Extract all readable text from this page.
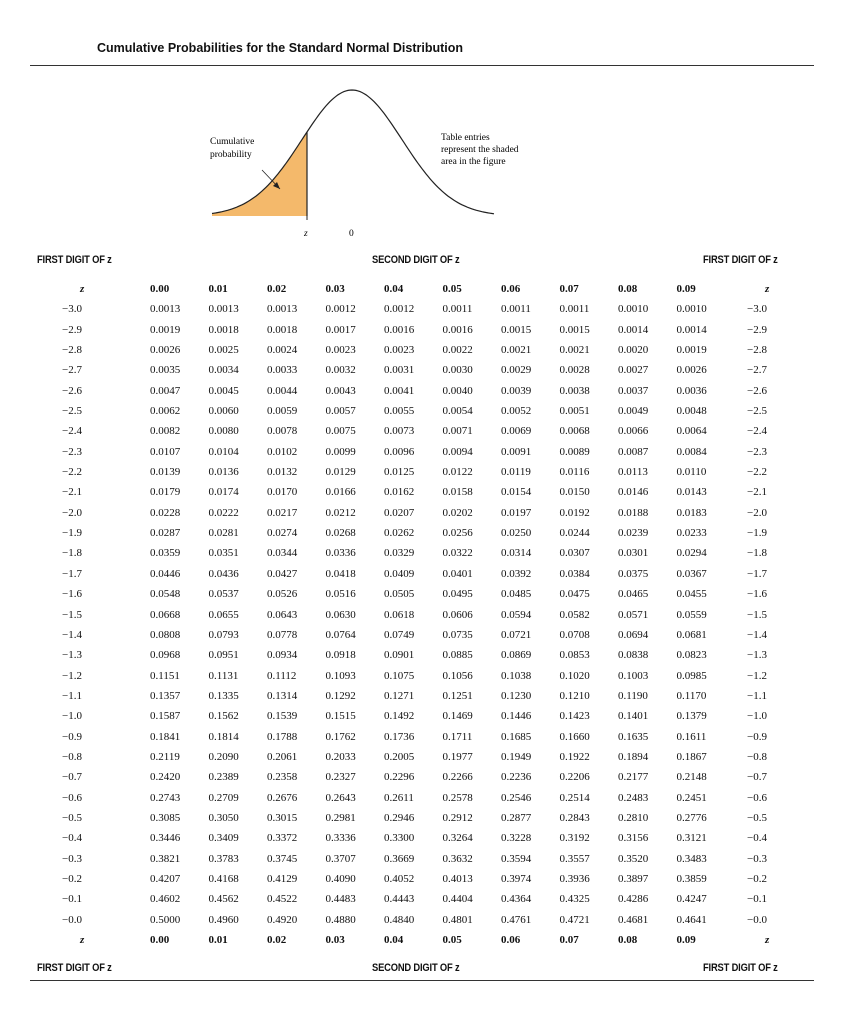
Cumulative Probabilities for the Standard Normal Distribution
Cumulative
probability
Table entries
represent the shaded
area in the figure
z	0
FIRST DIGIT OF z	SECOND DIGIT OF z	FIRST DIGIT OF z
z	0.00	0.01	0.02	0.03	0.04	0.05	0.06	0.07	0.08	0.09	z
−3.0	0.0013	0.0013	0.0013	0.0012	0.0012	0.0011	0.0011	0.0011	0.0010	0.0010	−3.0
−2.9	0.0019	0.0018	0.0018	0.0017	0.0016	0.0016	0.0015	0.0015	0.0014	0.0014	−2.9
−2.8	0.0026	0.0025	0.0024	0.0023	0.0023	0.0022	0.0021	0.0021	0.0020	0.0019	−2.8
−2.7	0.0035	0.0034	0.0033	0.0032	0.0031	0.0030	0.0029	0.0028	0.0027	0.0026	−2.7
−2.6	0.0047	0.0045	0.0044	0.0043	0.0041	0.0040	0.0039	0.0038	0.0037	0.0036	−2.6
−2.5	0.0062	0.0060	0.0059	0.0057	0.0055	0.0054	0.0052	0.0051	0.0049	0.0048	−2.5
−2.4	0.0082	0.0080	0.0078	0.0075	0.0073	0.0071	0.0069	0.0068	0.0066	0.0064	−2.4
−2.3	0.0107	0.0104	0.0102	0.0099	0.0096	0.0094	0.0091	0.0089	0.0087	0.0084	−2.3
−2.2	0.0139	0.0136	0.0132	0.0129	0.0125	0.0122	0.0119	0.0116	0.0113	0.0110	−2.2
−2.1	0.0179	0.0174	0.0170	0.0166	0.0162	0.0158	0.0154	0.0150	0.0146	0.0143	−2.1
−2.0	0.0228	0.0222	0.0217	0.0212	0.0207	0.0202	0.0197	0.0192	0.0188	0.0183	−2.0
−1.9	0.0287	0.0281	0.0274	0.0268	0.0262	0.0256	0.0250	0.0244	0.0239	0.0233	−1.9
−1.8	0.0359	0.0351	0.0344	0.0336	0.0329	0.0322	0.0314	0.0307	0.0301	0.0294	−1.8
−1.7	0.0446	0.0436	0.0427	0.0418	0.0409	0.0401	0.0392	0.0384	0.0375	0.0367	−1.7
−1.6	0.0548	0.0537	0.0526	0.0516	0.0505	0.0495	0.0485	0.0475	0.0465	0.0455	−1.6
−1.5	0.0668	0.0655	0.0643	0.0630	0.0618	0.0606	0.0594	0.0582	0.0571	0.0559	−1.5
−1.4	0.0808	0.0793	0.0778	0.0764	0.0749	0.0735	0.0721	0.0708	0.0694	0.0681	−1.4
−1.3	0.0968	0.0951	0.0934	0.0918	0.0901	0.0885	0.0869	0.0853	0.0838	0.0823	−1.3
−1.2	0.1151	0.1131	0.1112	0.1093	0.1075	0.1056	0.1038	0.1020	0.1003	0.0985	−1.2
−1.1	0.1357	0.1335	0.1314	0.1292	0.1271	0.1251	0.1230	0.1210	0.1190	0.1170	−1.1
−1.0	0.1587	0.1562	0.1539	0.1515	0.1492	0.1469	0.1446	0.1423	0.1401	0.1379	−1.0
−0.9	0.1841	0.1814	0.1788	0.1762	0.1736	0.1711	0.1685	0.1660	0.1635	0.1611	−0.9
−0.8	0.2119	0.2090	0.2061	0.2033	0.2005	0.1977	0.1949	0.1922	0.1894	0.1867	−0.8
−0.7	0.2420	0.2389	0.2358	0.2327	0.2296	0.2266	0.2236	0.2206	0.2177	0.2148	−0.7
−0.6	0.2743	0.2709	0.2676	0.2643	0.2611	0.2578	0.2546	0.2514	0.2483	0.2451	−0.6
−0.5	0.3085	0.3050	0.3015	0.2981	0.2946	0.2912	0.2877	0.2843	0.2810	0.2776	−0.5
−0.4	0.3446	0.3409	0.3372	0.3336	0.3300	0.3264	0.3228	0.3192	0.3156	0.3121	−0.4
−0.3	0.3821	0.3783	0.3745	0.3707	0.3669	0.3632	0.3594	0.3557	0.3520	0.3483	−0.3
−0.2	0.4207	0.4168	0.4129	0.4090	0.4052	0.4013	0.3974	0.3936	0.3897	0.3859	−0.2
−0.1	0.4602	0.4562	0.4522	0.4483	0.4443	0.4404	0.4364	0.4325	0.4286	0.4247	−0.1
−0.0	0.5000	0.4960	0.4920	0.4880	0.4840	0.4801	0.4761	0.4721	0.4681	0.4641	−0.0
z	0.00	0.01	0.02	0.03	0.04	0.05	0.06	0.07	0.08	0.09	z
FIRST DIGIT OF z	SECOND DIGIT OF z	FIRST DIGIT OF z
